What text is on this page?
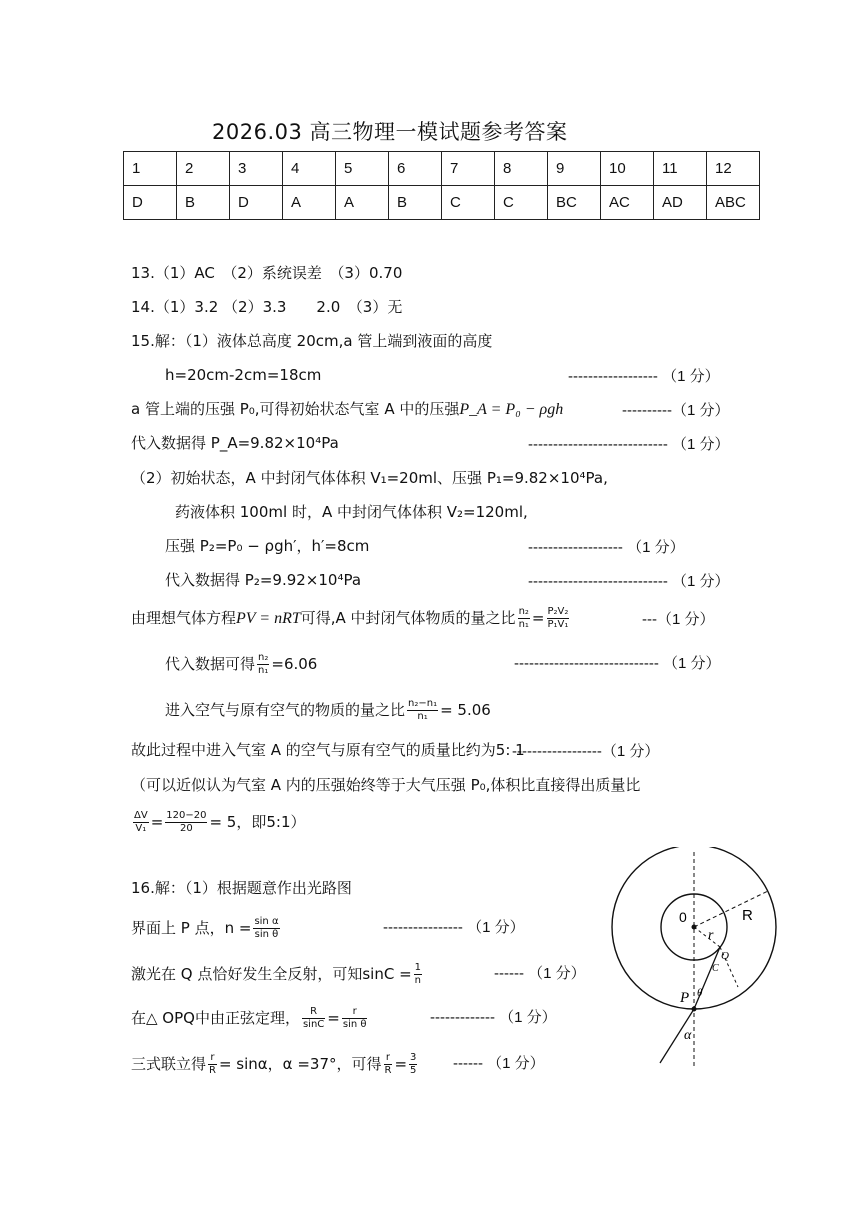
2026.03 高三物理一模试题参考答案
1	2	3	4	5	6	7	8	9	10	11	12
D	B	D	A	A	B	C	C	BC	AC	AD	ABC
13.（1）AC　（2）系统误差　（3）0.70
14.（1）3.2 （2）3.3　　2.0　（3）无
15.解：（1）液体总高度 20cm,a 管上端到液面的高度
h=20cm-2cm=18cm	------------------ （1 分）
a 管上端的压强 P₀,可得初始状态气室 A 中的压强P_A = P₀ − ρgh	----------（1 分）
代入数据得 P_A=9.82×10⁴Pa	---------------------------- （1 分）
（2）初始状态，A 中封闭气体体积 V₁=20ml、压强 P₁=9.82×10⁴Pa,
药液体积 100ml 时，A 中封闭气体体积 V₂=120ml,
压强 P₂=P₀ − ρgh′，h′=8cm	------------------- （1 分）
代入数据得 P₂=9.92×10⁴Pa	---------------------------- （1 分）
由理想气体方程PV = nRT可得,A 中封闭气体物质的量之比 $\frac{\text{n₂}}{\text{n₁}} = \frac{\text{P₂V₂}}{\text{P₁V₁}}$	---（1 分）
代入数据可得 $\frac{\text{n₂}}{\text{n₁}} =6.06$	----------------------------- （1 分）
进入空气与原有空气的物质的量之比 $\frac{\text{n₂−n₁}}{\text{n₁}} = 5.06$
故此过程中进入气室 A 的空气与原有空气的质量比约为5: 1
------------------（1 分）
（可以近似认为气室 A 内的压强始终等于大气压强 P₀,体积比直接得出质量比
$\frac{\Delta V}{\text{V₁}} = \frac{120-20}{20} = 5$，即5:1）
16.解：（1）根据题意作出光路图
界面上 P 点，$n = \frac{\text{sin α}}{\text{sin θ}}$	---------------- （1 分）
激光在 Q 点恰好发生全反射，可知$\sin C = \frac{1}{n}$	------ （1 分）
在△ OPQ中由正弦定理， $\frac{R}{\sin C} = \frac{r}{\text{sin θ}}$	------------- （1 分）
三式联立得 $\frac{r}{R} = \sin\alpha$，α =37°，可得 $\frac{r}{R} = \frac{3}{5}$ ------ （1 分）
R
0
r
Q
C
P θ
α
